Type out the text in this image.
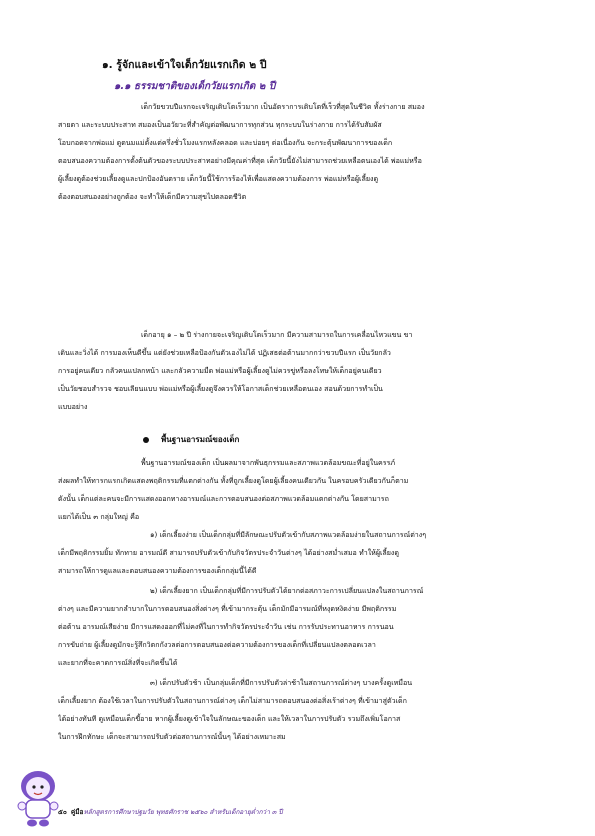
๑. รู้จักและเข้าใจเด็กวัยแรกเกิด ๒ ปี
๑.๑ ธรรมชาติของเด็กวัยแรกเกิด ๒ ปี
เด็กวัยขวบปีแรกจะเจริญเติบโตเร็วมาก เป็นอัตราการเติบโตที่เร็วที่สุดในชีวิต ทั้งร่างกาย สมอง
สายตา และระบบประสาท สมองเป็นอวัยวะที่สำคัญต่อพัฒนาการทุกส่วน ทุกระบบในร่างกาย การได้รับสัมผัส
โอบกอดจากพ่อแม่ ดูดนมแม่ตั้งแต่ครึ่งชั่วโมงแรกหลังคลอด และบ่อยๆ ต่อเนื่องกัน จะกระตุ้นพัฒนาการของเด็ก
ตอบสนองความต้องการตั้งต้นตัวของระบบประสาทอย่างมีคุณค่าที่สุด เด็กวัยนี้ยังไม่สามารถช่วยเหลือตนเองได้ พ่อแม่หรือ
ผู้เลี้ยงดูต้องช่วยเลี้ยงดูและปกป้องอันตราย เด็กวัยนี้ใช้การร้องไห้เพื่อแสดงความต้องการ พ่อแม่หรือผู้เลี้ยงดู
ต้องตอบสนองอย่างถูกต้อง จะทำให้เด็กมีความสุขไปตลอดชีวิต
เด็กอายุ ๑ – ๒ ปี ร่างกายจะเจริญเติบโตเร็วมาก มีความสามารถในการเคลื่อนไหวแขน ขา
เดินและวิ่งได้ การมองเห็นดีขึ้น แต่ยังช่วยเหลือป้องกันตัวเองไม่ได้ ปฏิเสธต่อต้านมากกว่าขวบปีแรก เป็นวัยกลัว
การอยู่คนเดียว กลัวคนแปลกหน้า และกลัวความมืด พ่อแม่หรือผู้เลี้ยงดูไม่ควรขู่หรือลงโทษให้เด็กอยู่คนเดียว
เป็นวัยชอบสำรวจ ชอบเลียนแบบ พ่อแม่หรือผู้เลี้ยงดูจึงควรให้โอกาสเด็กช่วยเหลือตนเอง สอนด้วยการทำเป็น
แบบอย่าง
พื้นฐานอารมณ์ของเด็ก
พื้นฐานอารมณ์ของเด็ก เป็นผลมาจากพันธุกรรมและสภาพแวดล้อมขณะที่อยู่ในครรภ์
ส่งผลทำให้ทารกแรกเกิดแสดงพฤติกรรมที่แตกต่างกัน ทั้งที่ถูกเลี้ยงดูโดยผู้เลี้ยงคนเดียวกัน ในครอบครัวเดียวกันก็ตาม
ดังนั้น เด็กแต่ละคนจะมีการแสดงออกทางอารมณ์และการตอบสนองต่อสภาพแวดล้อมแตกต่างกัน โดยสามารถ
แยกได้เป็น ๓ กลุ่มใหญ่ คือ
๑) เด็กเลี้ยงง่าย เป็นเด็กกลุ่มที่มีลักษณะปรับตัวเข้ากับสภาพแวดล้อมง่ายในสถานการณ์ต่างๆ
เด็กมีพฤติกรรมยิ้ม ทักทาย อารมณ์ดี สามารถปรับตัวเข้ากับกิจวัตรประจำวันต่างๆ ได้อย่างสม่ำเสมอ ทำให้ผู้เลี้ยงดู
สามารถให้การดูแลและตอบสนองความต้องการของเด็กกลุ่มนี้ได้ดี
๒) เด็กเลี้ยงยาก เป็นเด็กกลุ่มที่มีการปรับตัวได้ยากต่อสภาวะการเปลี่ยนแปลงในสถานการณ์
ต่างๆ และมีความยากลำบากในการตอบสนองสิ่งต่างๆ ที่เข้ามากระตุ้น เด็กมักมีอารมณ์ที่หงุดหงิดง่าย มีพฤติกรรม
ต่อต้าน อารมณ์เสียง่าย มีการแสดงออกที่ไม่คงที่ในการทำกิจวัตรประจำวัน เช่น การรับประทานอาหาร การนอน
การขับถ่าย ผู้เลี้ยงดูมักจะรู้สึกวิตกกังวลต่อการตอบสนองต่อความต้องการของเด็กที่เปลี่ยนแปลงตลอดเวลา
และยากที่จะคาดการณ์สิ่งที่จะเกิดขึ้นได้
๓) เด็กปรับตัวช้า เป็นกลุ่มเด็กที่มีการปรับตัวล่าช้าในสถานการณ์ต่างๆ บางครั้งดูเหมือน
เด็กเลี้ยงยาก ต้องใช้เวลาในการปรับตัวในสถานการณ์ต่างๆ เด็กไม่สามารถตอบสนองต่อสิ่งเร้าต่างๆ ที่เข้ามาสู่ตัวเด็ก
ได้อย่างทันที ดูเหมือนเด็กขี้อาย หากผู้เลี้ยงดูเข้าใจในลักษณะของเด็ก และให้เวลาในการปรับตัว รวมถึงเพิ่มโอกาส
ในการฝึกทักษะ เด็กจะสามารถปรับตัวต่อสถานการณ์นั้นๆ ได้อย่างเหมาะสม
๕๐ คู่มือหลักสูตรการศึกษาปฐมวัย พุทธศักราช ๒๕๖๐ สำหรับเด็กอายุต่ำกว่า ๓ ปี
